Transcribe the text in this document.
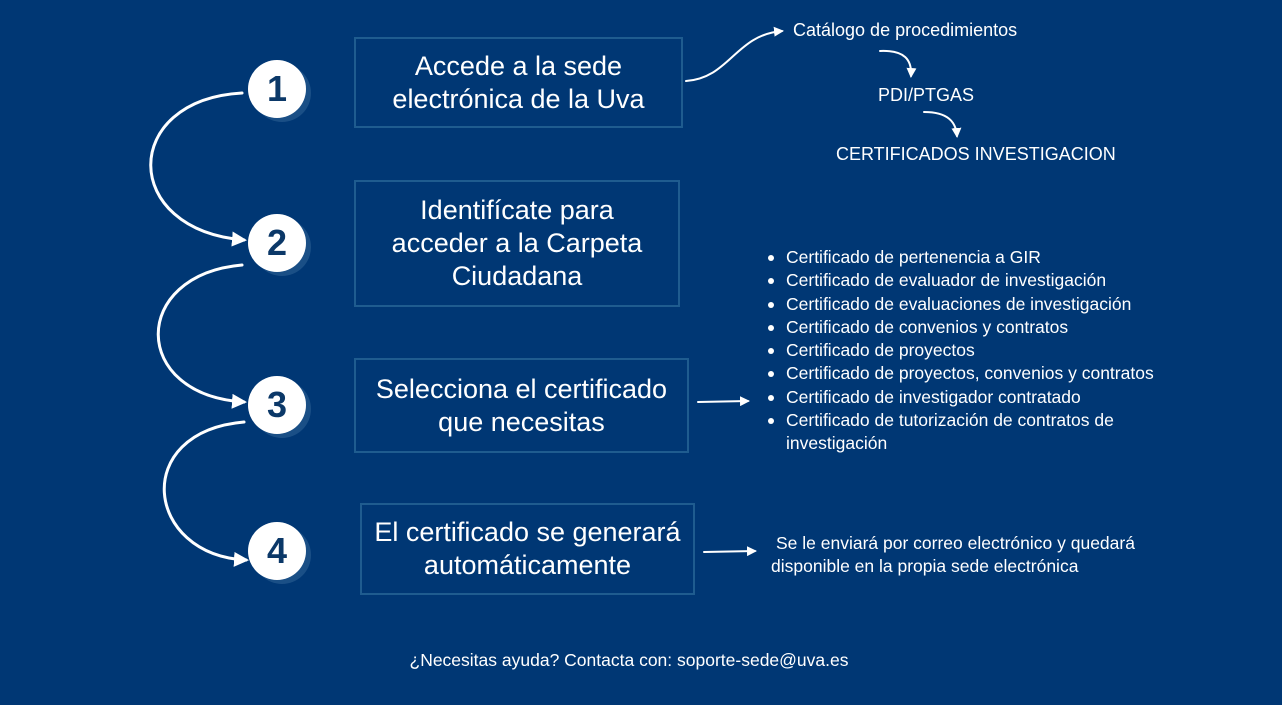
1
2
3
4
Accede a la sede
electrónica de la Uva
Identifícate para
acceder a la Carpeta
Ciudadana
Selecciona el certificado
que necesitas
El certificado se generará
automáticamente
Catálogo de procedimientos
PDI/PTGAS
CERTIFICADOS INVESTIGACION
Certificado de pertenencia a GIR
Certificado de evaluador de investigación
Certificado de evaluaciones de investigación
Certificado de convenios y contratos
Certificado de proyectos
Certificado de proyectos, convenios y contratos
Certificado de investigador contratado
Certificado de tutorización de contratos de investigación
Se le enviará por correo electrónico y quedará
disponible en la propia sede electrónica
¿Necesitas ayuda? Contacta con: soporte-sede@uva.es
